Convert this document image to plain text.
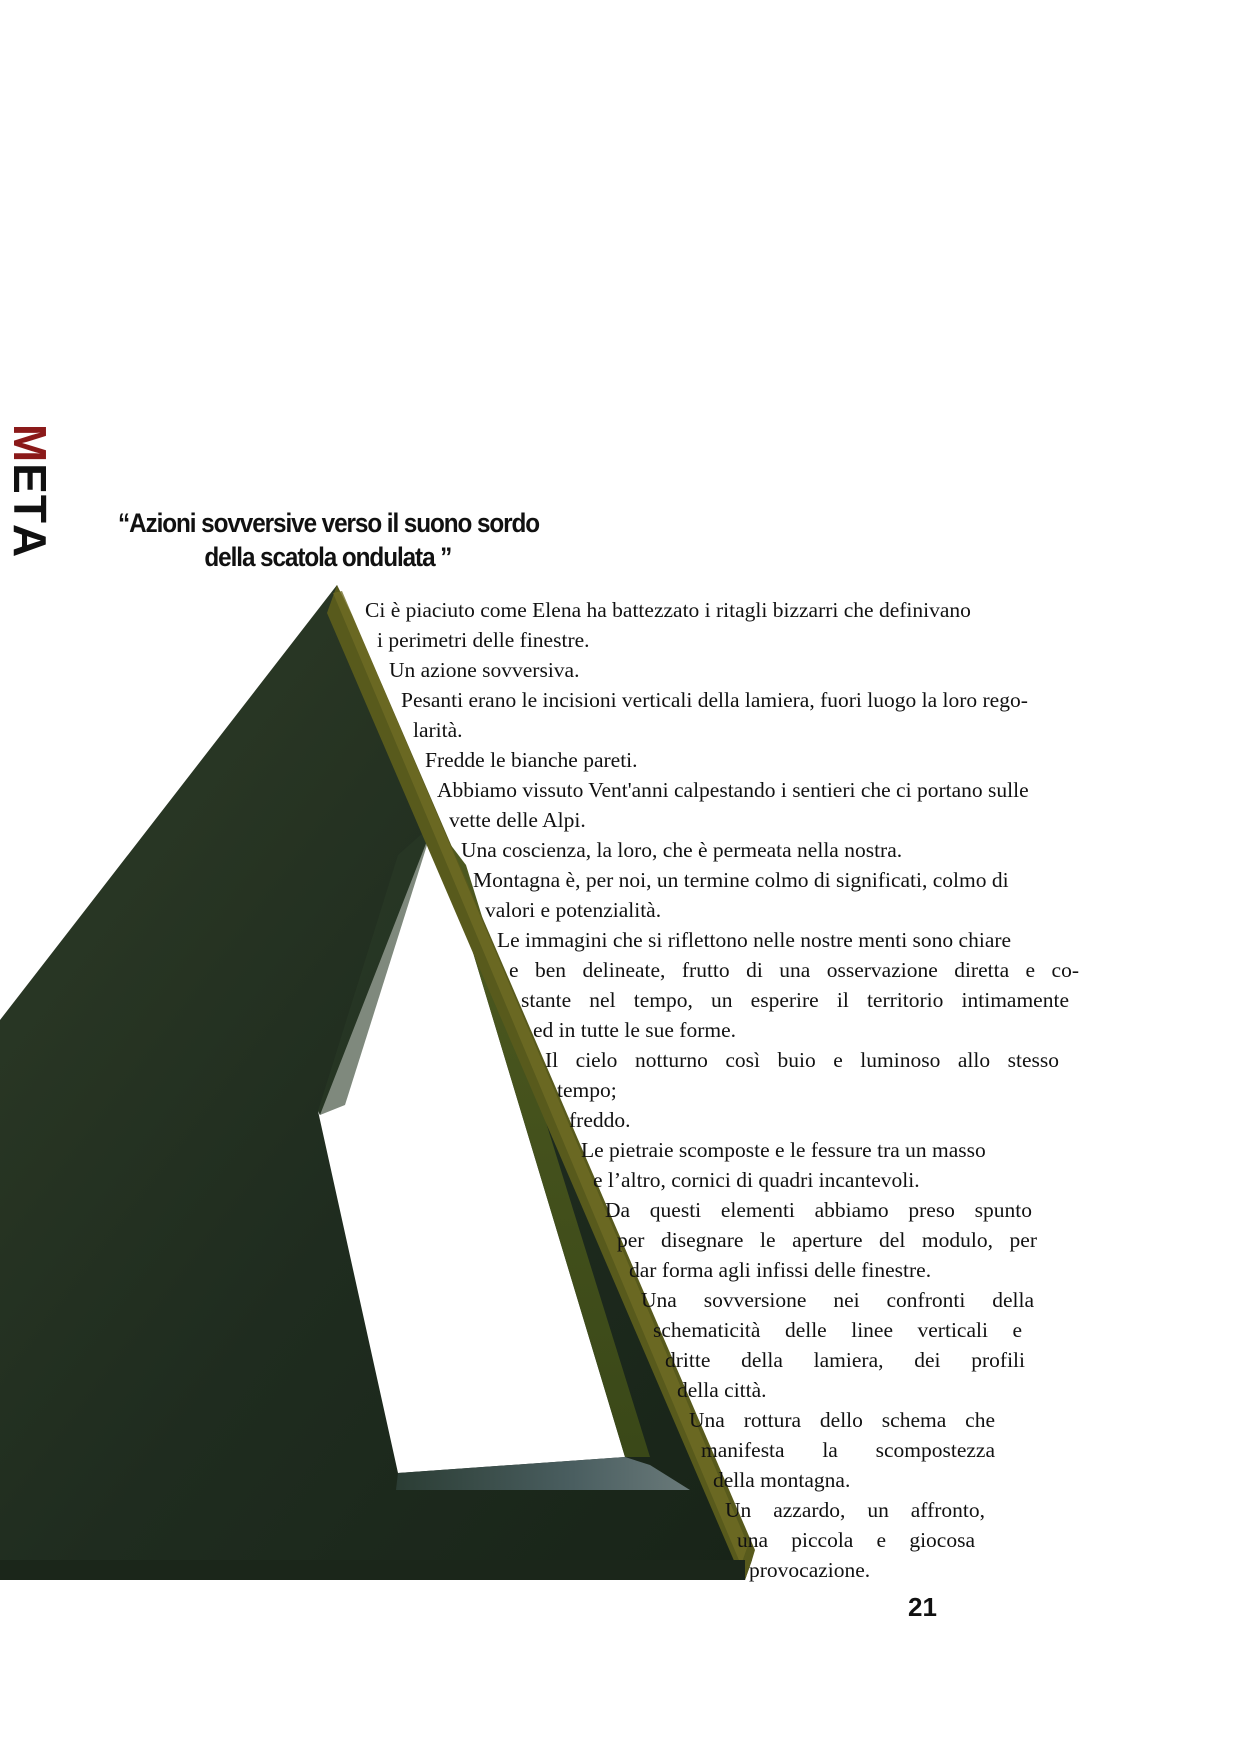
META
“Azioni sovversive verso il suono sordo
della scatola ondulata ”
Ci è piaciuto come Elena ha battezzato i ritagli bizzarri che definivano
i perimetri delle finestre.
Un azione sovversiva.
Pesanti erano le incisioni verticali della lamiera, fuori luogo la loro rego-
larità.
Fredde le bianche pareti.
Abbiamo vissuto Vent'anni calpestando i sentieri che ci portano sulle
vette delle Alpi.
Una coscienza, la loro, che è permeata nella nostra.
Montagna è, per noi, un termine colmo di significati, colmo di
valori e potenzialità.
Le immagini che si riflettono nelle nostre menti sono chiare
e ben delineate, frutto di una osservazione diretta e co-
stante nel tempo, un esperire il territorio intimamente
ed in tutte le sue forme.
Il cielo notturno così buio e luminoso allo stesso
tempo;
freddo.
Le pietraie scomposte e le fessure tra un masso
e l’altro, cornici di quadri incantevoli.
Da questi elementi abbiamo preso spunto
per disegnare le aperture del modulo, per
dar forma agli infissi delle finestre.
Una sovversione nei confronti della
schematicità delle linee verticali e
dritte della lamiera, dei profili
della città.
Una rottura dello schema che
manifesta la scompostezza
della montagna.
Un azzardo, un affronto,
una piccola e giocosa
provocazione.
21
